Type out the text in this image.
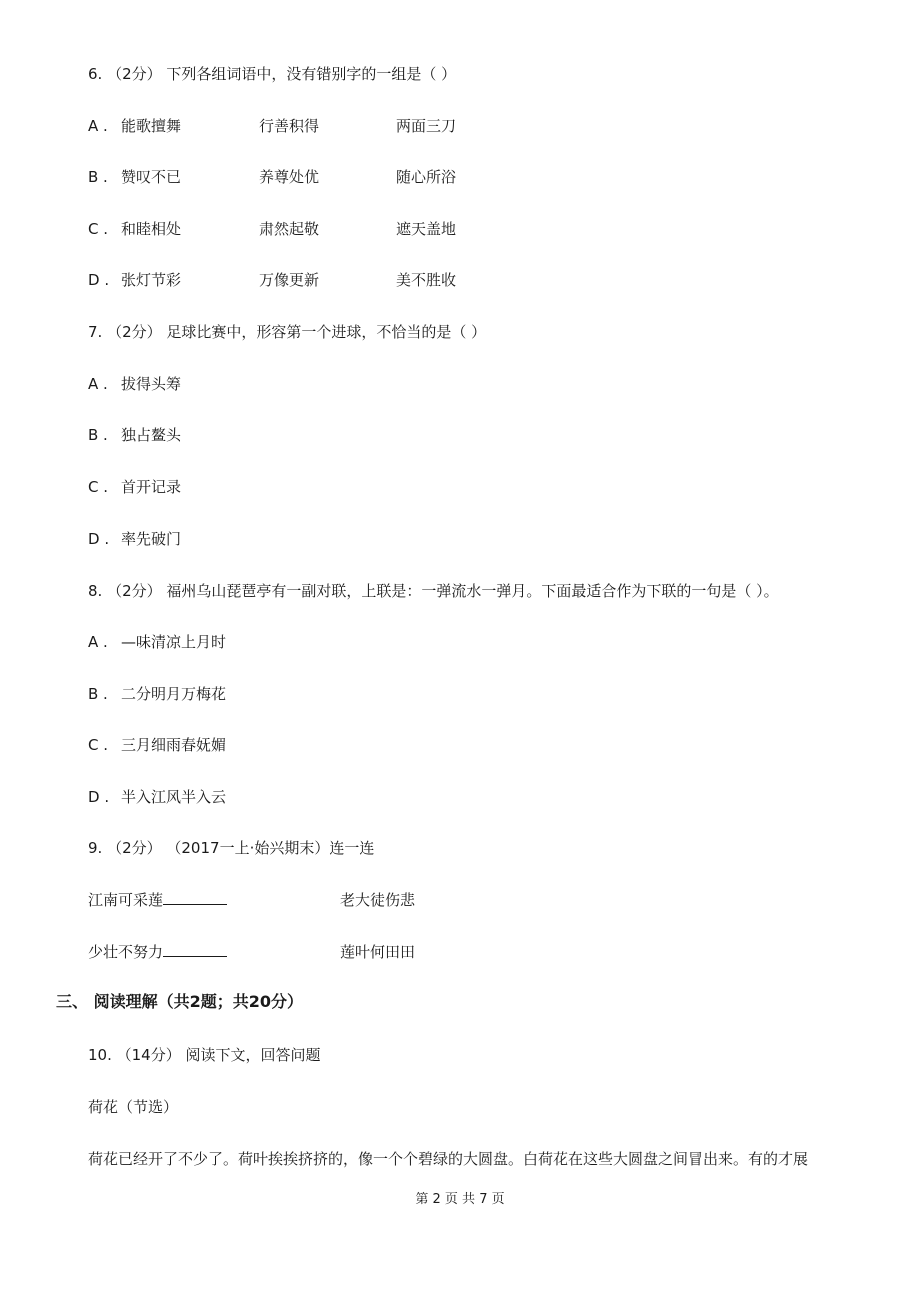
6. （2分） 下列各组词语中，没有错别字的一组是（ ）
A . 能歌擅舞	行善积得	两面三刀
B . 赞叹不已	养尊处优	随心所浴
C . 和睦相处	肃然起敬	遮天盖地
D . 张灯节彩	万像更新	美不胜收
7. （2分） 足球比赛中，形容第一个进球，不恰当的是（ ）
A . 拔得头筹
B . 独占鳌头
C . 首开记录
D . 率先破门
8. （2分） 福州乌山琵琶亭有一副对联，上联是：一弹流水一弹月。下面最适合作为下联的一句是（ ）。
A . —味清凉上月时
B . 二分明月万梅花
C . 三月细雨春妩媚
D . 半入江风半入云
9. （2分） （2017一上·始兴期末）连一连
江南可采莲	老大徒伤悲
少壮不努力	莲叶何田田
三、 阅读理解（共2题；共20分）
10. （14分） 阅读下文，回答问题
荷花（节选）
荷花已经开了不少了。荷叶挨挨挤挤的，像一个个碧绿的大圆盘。白荷花在这些大圆盘之间冒出来。有的才展
第 2 页 共 7 页
